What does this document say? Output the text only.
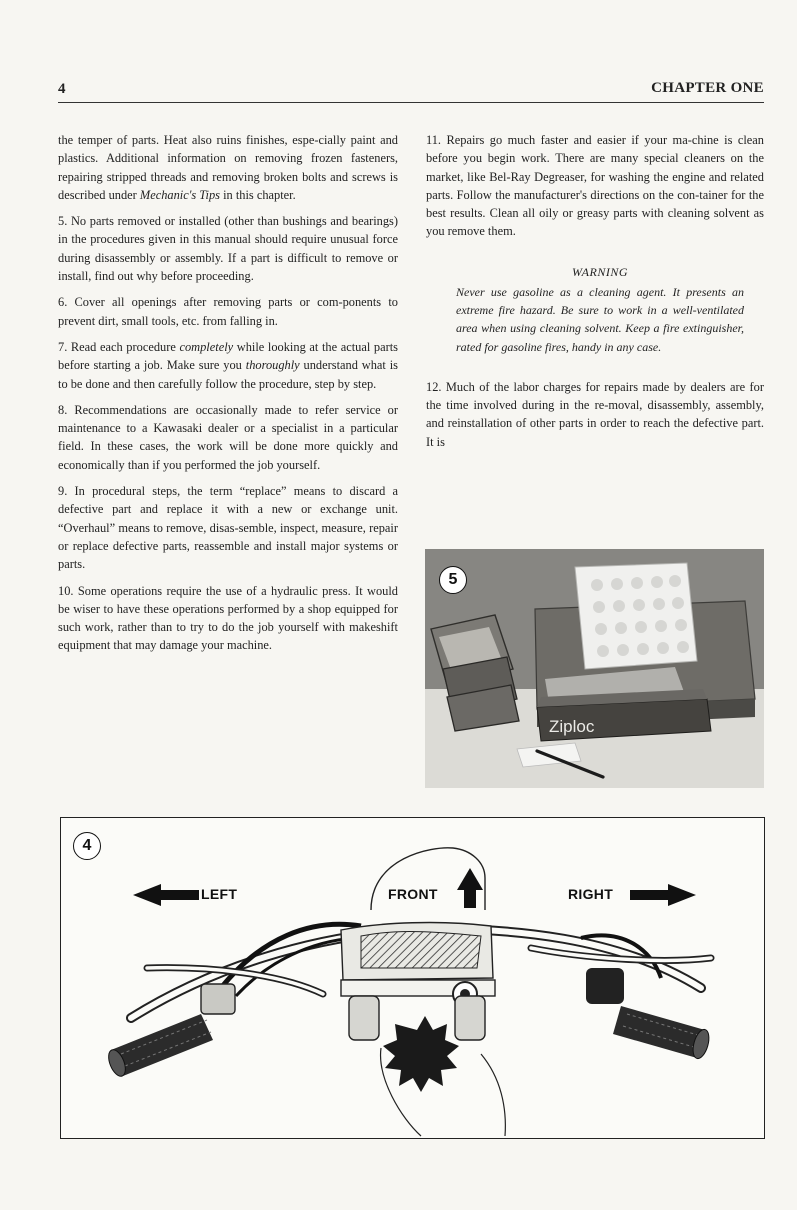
4	CHAPTER ONE

the temper of parts. Heat also ruins finishes, espe-cially paint and plastics. Additional information on removing frozen fasteners, repairing stripped threads and removing broken bolts and screws is described under Mechanic's Tips in this chapter.

5. No parts removed or installed (other than bushings and bearings) in the procedures given in this manual should require unusual force during disassembly or assembly. If a part is difficult to remove or install, find out why before proceeding.

6. Cover all openings after removing parts or com-ponents to prevent dirt, small tools, etc. from falling in.

7. Read each procedure completely while looking at the actual parts before starting a job. Make sure you thoroughly understand what is to be done and then carefully follow the procedure, step by step.

8. Recommendations are occasionally made to refer service or maintenance to a Kawasaki dealer or a specialist in a particular field. In these cases, the work will be done more quickly and economically than if you performed the job yourself.

9. In procedural steps, the term “replace” means to discard a defective part and replace it with a new or exchange unit. “Overhaul” means to remove, disas-semble, inspect, measure, repair or replace defective parts, reassemble and install major systems or parts.

10. Some operations require the use of a hydraulic press. It would be wiser to have these operations performed by a shop equipped for such work, rather than to try to do the job yourself with makeshift equipment that may damage your machine.

11. Repairs go much faster and easier if your ma-chine is clean before you begin work. There are many special cleaners on the market, like Bel-Ray Degreaser, for washing the engine and related parts. Follow the manufacturer's directions on the con-tainer for the best results. Clean all oily or greasy parts with cleaning solvent as you remove them.

WARNING
Never use gasoline as a cleaning agent. It presents an extreme fire hazard. Be sure to work in a well-ventilated area when using cleaning solvent. Keep a fire extinguisher, rated for gasoline fires, handy in any case.

12. Much of the labor charges for repairs made by dealers are for the time involved during in the re-moval, disassembly, assembly, and reinstallation of other parts in order to reach the defective part. It is

Ziploc
5
4
LEFT	FRONT	RIGHT
